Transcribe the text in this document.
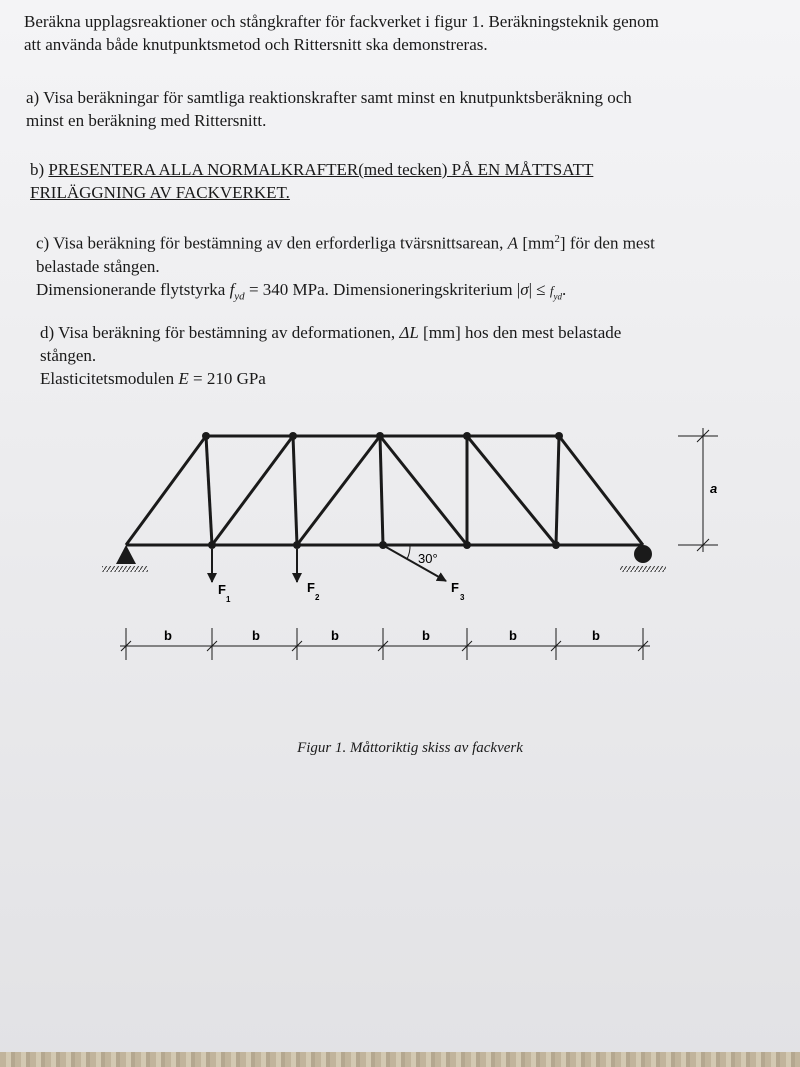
Beräkna upplagsreaktioner och stångkrafter för fackverket i figur 1. Beräkningsteknik genom
att använda både knutpunktsmetod och Rittersnitt ska demonstreras.

a) Visa beräkningar för samtliga reaktionskrafter samt minst en knutpunktsberäkning och
minst en beräkning med Rittersnitt.

b) PRESENTERA ALLA NORMALKRAFTER(med tecken) PÅ EN MÅTTSATT
FRILÄGGNING AV FACKVERKET.

c) Visa beräkning för bestämning av den erforderliga tvärsnittsarean, A $[mm^2]$ för den mest
belastade stången.
Dimensionerande flytstyrka $f_{yd} = 340$ MPa. Dimensioneringskriterium $|\sigma| \le f_{yd}$.

d) Visa beräkning för bestämning av deformationen, ΔL [mm] hos den mest belastade
stången.
Elasticitetsmodulen E = 210 GPa

30°
F
1
F
2
F
3
a
b	b	b	b	b	b
Figur 1. Måttoriktig skiss av fackverk
